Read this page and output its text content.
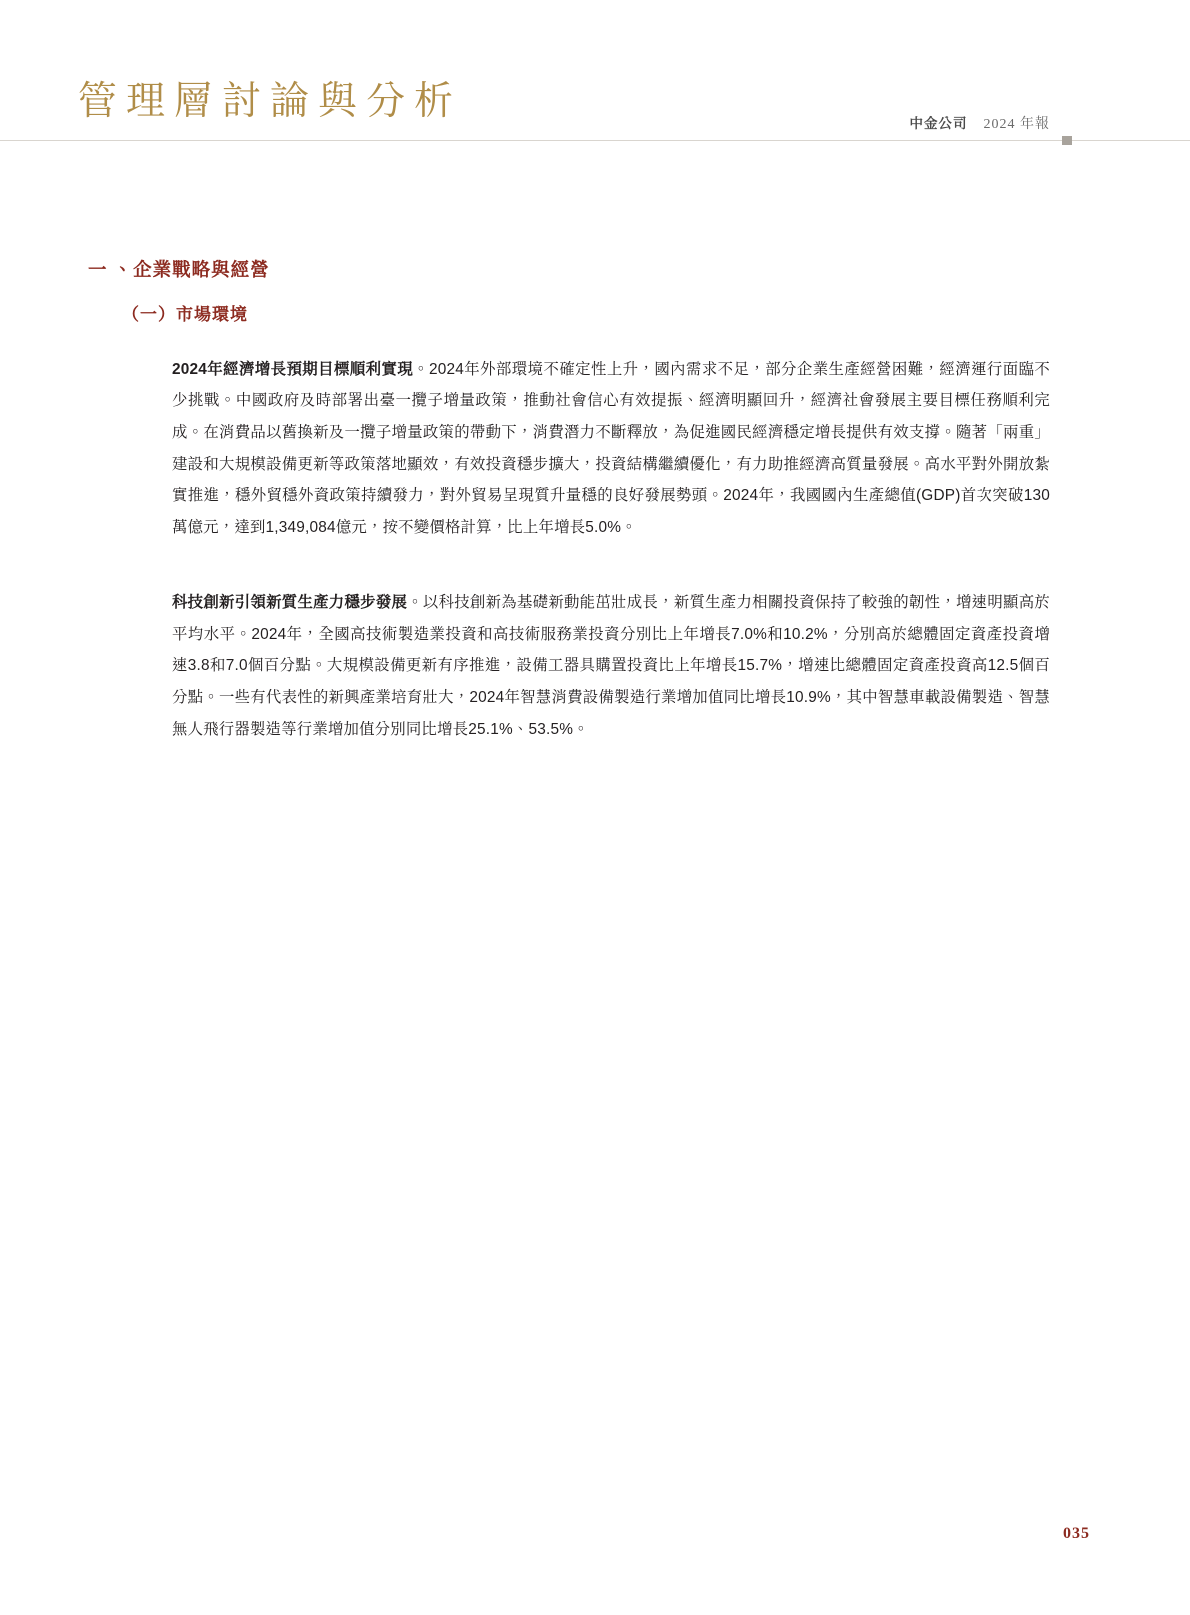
管理層討論與分析
中金公司 2024 年報
一 、企業戰略與經營
（一）市場環境

2024年經濟增長預期目標順利實現。2024年外部環境不確定性上升，國內需求不足，部分企業生產經營困難，經濟運行面臨不少挑戰。中國政府及時部署出臺一攬子增量政策，推動社會信心有效提振、經濟明顯回升，經濟社會發展主要目標任務順利完成。在消費品以舊換新及一攬子增量政策的帶動下，消費潛力不斷釋放，為促進國民經濟穩定增長提供有效支撐。隨著「兩重」建設和大規模設備更新等政策落地顯效，有效投資穩步擴大，投資結構繼續優化，有力助推經濟高質量發展。高水平對外開放紮實推進，穩外貿穩外資政策持續發力，對外貿易呈現質升量穩的良好發展勢頭。2024年，我國國內生產總值(GDP)首次突破130萬億元，達到1,349,084億元，按不變價格計算，比上年增長5.0%。

科技創新引領新質生產力穩步發展。以科技創新為基礎新動能茁壯成長，新質生產力相關投資保持了較強的韌性，增速明顯高於平均水平。2024年，全國高技術製造業投資和高技術服務業投資分別比上年增長7.0%和10.2%，分別高於總體固定資產投資增速3.8和7.0個百分點。大規模設備更新有序推進，設備工器具購置投資比上年增長15.7%，增速比總體固定資產投資高12.5個百分點。一些有代表性的新興產業培育壯大，2024年智慧消費設備製造行業增加值同比增長10.9%，其中智慧車載設備製造、智慧無人飛行器製造等行業增加值分別同比增長25.1%、53.5%。

035
